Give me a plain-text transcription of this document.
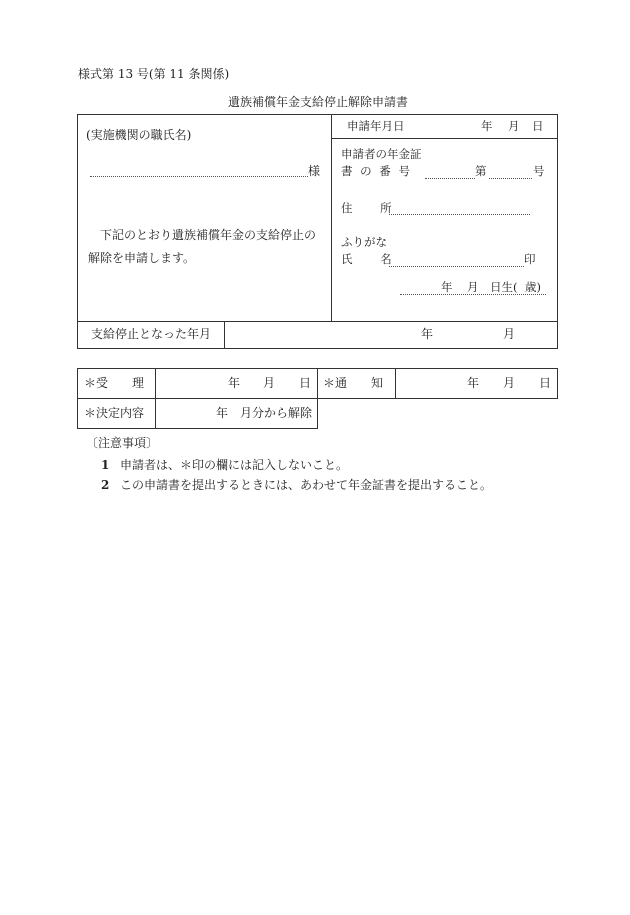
様式第 13 号(第 11 条関係)
遺族補償年金支給停止解除申請書
(実施機関の職氏名)
様
下記のとおり遺族補償年金の支給停止の
解除を申請します。
申請年月日	年 月 日
申請者の年金証
書 の 番 号	第	号
住 所
ふりがな
氏 名	印
年 月 日生( 歳)
支給停止となった年月	年	月
＊受　　理	年 月 日 ＊通　　知	年 月 日
＊決定内容	年　月分から解除
〔注意事項〕
1 申請者は、＊印の欄には記入しないこと。
2 この申請書を提出するときには、あわせて年金証書を提出すること。
